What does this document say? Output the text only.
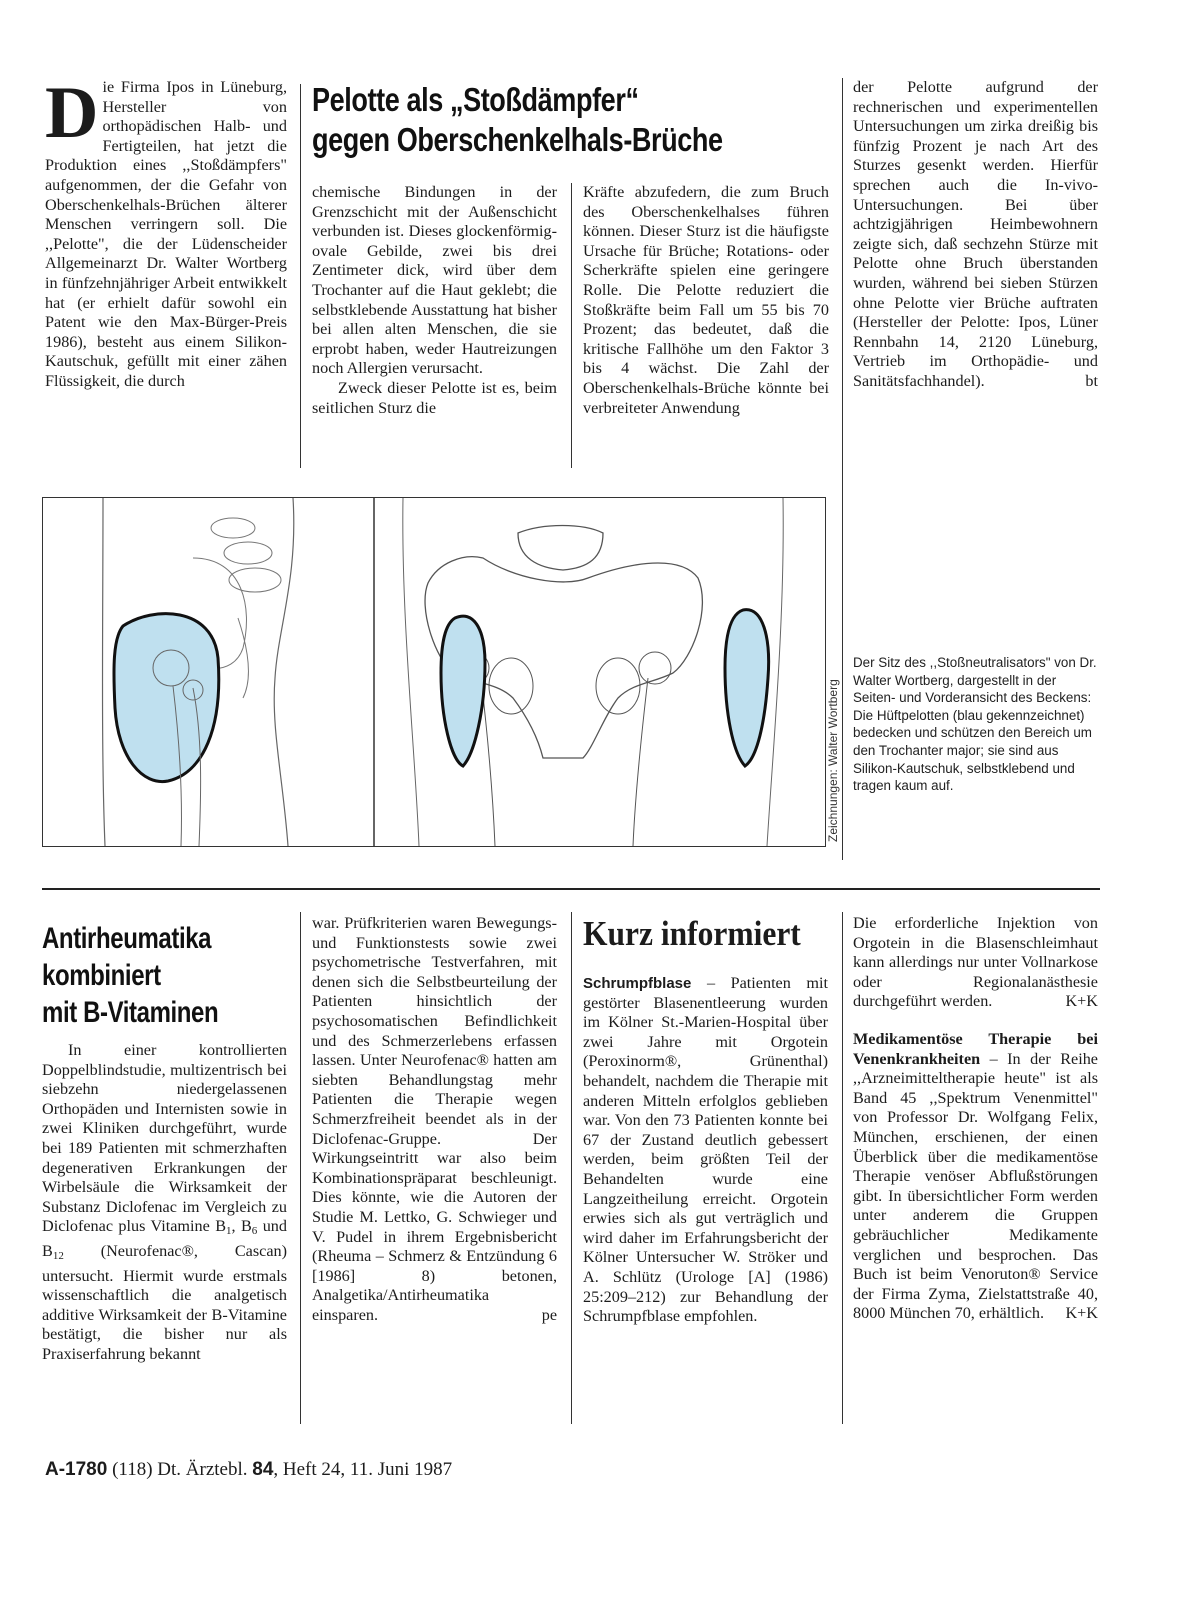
Die Firma Ipos in Lüneburg, Hersteller von orthopädischen Halb- und Fertigteilen, hat jetzt die Produktion eines ,,Stoßdämpfers" aufgenommen, der die Gefahr von Oberschenkelhals-Brüchen älterer Menschen verringern soll. Die ,,Pelotte", die der Lüdenscheider Allgemeinarzt Dr. Walter Wortberg in fünfzehnjähriger Arbeit entwikkelt hat (er erhielt dafür sowohl ein Patent wie den Max-Bürger-Preis 1986), besteht aus einem Silikon-Kautschuk, gefüllt mit einer zähen Flüssigkeit, die durch

Pelotte als „Stoßdämpfer“
gegen Oberschenkelhals-Brüche

chemische Bindungen in der Grenzschicht mit der Außenschicht verbunden ist. Dieses glockenförmig-ovale Gebilde, zwei bis drei Zentimeter dick, wird über dem Trochanter auf die Haut geklebt; die selbstklebende Ausstattung hat bisher bei allen alten Menschen, die sie erprobt haben, weder Hautreizungen noch Allergien verursacht.

Zweck dieser Pelotte ist es, beim seitlichen Sturz die

Kräfte abzufedern, die zum Bruch des Oberschenkelhalses führen können. Dieser Sturz ist die häufigste Ursache für Brüche; Rotations- oder Scherkräfte spielen eine geringere Rolle. Die Pelotte reduziert die Stoßkräfte beim Fall um 55 bis 70 Prozent; das bedeutet, daß die kritische Fallhöhe um den Faktor 3 bis 4 wächst. Die Zahl der Oberschenkelhals-Brüche könnte bei verbreiteter Anwendung

der Pelotte aufgrund der rechnerischen und experimentellen Untersuchungen um zirka dreißig bis fünfzig Prozent je nach Art des Sturzes gesenkt werden. Hierfür sprechen auch die In-vivo-Untersuchungen. Bei über achtzigjährigen Heimbewohnern zeigte sich, daß sechzehn Stürze mit Pelotte ohne Bruch überstanden wurden, während bei sieben Stürzen ohne Pelotte vier Brüche auftraten (Hersteller der Pelotte: Ipos, Lüner Rennbahn 14, 2120 Lüneburg, Vertrieb im Orthopädie- und Sanitätsfachhandel).	bt

Zeichnungen: Walter Wortberg
Der Sitz des ,,Stoßneutralisators" von Dr. Walter Wortberg, dargestellt in der Seiten- und Vorderansicht des Beckens: Die Hüftpelotten (blau gekennzeichnet) bedecken und schützen den Bereich um den Trochanter major; sie sind aus Silikon-Kautschuk, selbstklebend und tragen kaum auf.
Antirheumatika
kombiniert
mit B-Vitaminen

In einer kontrollierten Doppelblindstudie, multizentrisch bei siebzehn niedergelassenen Orthopäden und Internisten sowie in zwei Kliniken durchgeführt, wurde bei 189 Patienten mit schmerzhaften degenerativen Erkrankungen der Wirbelsäule die Wirksamkeit der Substanz Diclofenac im Vergleich zu Diclofenac plus Vitamine $B_1$, $B_6$ und $B_{12}$ (Neurofenac®, Cascan) untersucht. Hiermit wurde erstmals wissenschaftlich die analgetisch additive Wirksamkeit der B-Vitamine bestätigt, die bisher nur als Praxiserfahrung bekannt

war. Prüfkriterien waren Bewegungs- und Funktionstests sowie zwei psychometrische Testverfahren, mit denen sich die Selbstbeurteilung der Patienten hinsichtlich der psychosomatischen Befindlichkeit und des Schmerzerlebens erfassen lassen. Unter Neurofenac® hatten am siebten Behandlungstag mehr Patienten die Therapie wegen Schmerzfreiheit beendet als in der Diclofenac-Gruppe. Der Wirkungseintritt war also beim Kombinationspräparat beschleunigt. Dies könnte, wie die Autoren der Studie M. Lettko, G. Schwieger und V. Pudel in ihrem Ergebnisbericht (Rheuma – Schmerz & Entzündung 6 [1986] 8) betonen, Analgetika/Antirheumatika einsparen.	pe

Kurz informiert

Schrumpfblase – Patienten mit gestörter Blasenentleerung wurden im Kölner St.-Marien-Hospital über zwei Jahre mit Orgotein (Peroxinorm®, Grünenthal) behandelt, nachdem die Therapie mit anderen Mitteln erfolglos geblieben war. Von den 73 Patienten konnte bei 67 der Zustand deutlich gebessert werden, beim größten Teil der Behandelten wurde eine Langzeitheilung erreicht. Orgotein erwies sich als gut verträglich und wird daher im Erfahrungsbericht der Kölner Untersucher W. Ströker und A. Schlütz (Urologe [A] (1986) 25:209–212) zur Behandlung der Schrumpfblase empfohlen.

Die erforderliche Injektion von Orgotein in die Blasenschleimhaut kann allerdings nur unter Vollnarkose oder Regionalanästhesie durchgeführt werden.	K+K

Medikamentöse Therapie bei Venenkrankheiten – In der Reihe ,,Arzneimitteltherapie heute" ist als Band 45 ,,Spektrum Venenmittel" von Professor Dr. Wolfgang Felix, München, erschienen, der einen Überblick über die medikamentöse Therapie venöser Abflußstörungen gibt. In übersichtlicher Form werden unter anderem die Gruppen gebräuchlicher Medikamente verglichen und besprochen. Das Buch ist beim Venoruton® Service der Firma Zyma, Zielstattstraße 40, 8000 München 70, erhältlich. K+K

A-1780 (118) Dt. Ärztebl. 84, Heft 24, 11. Juni 1987
